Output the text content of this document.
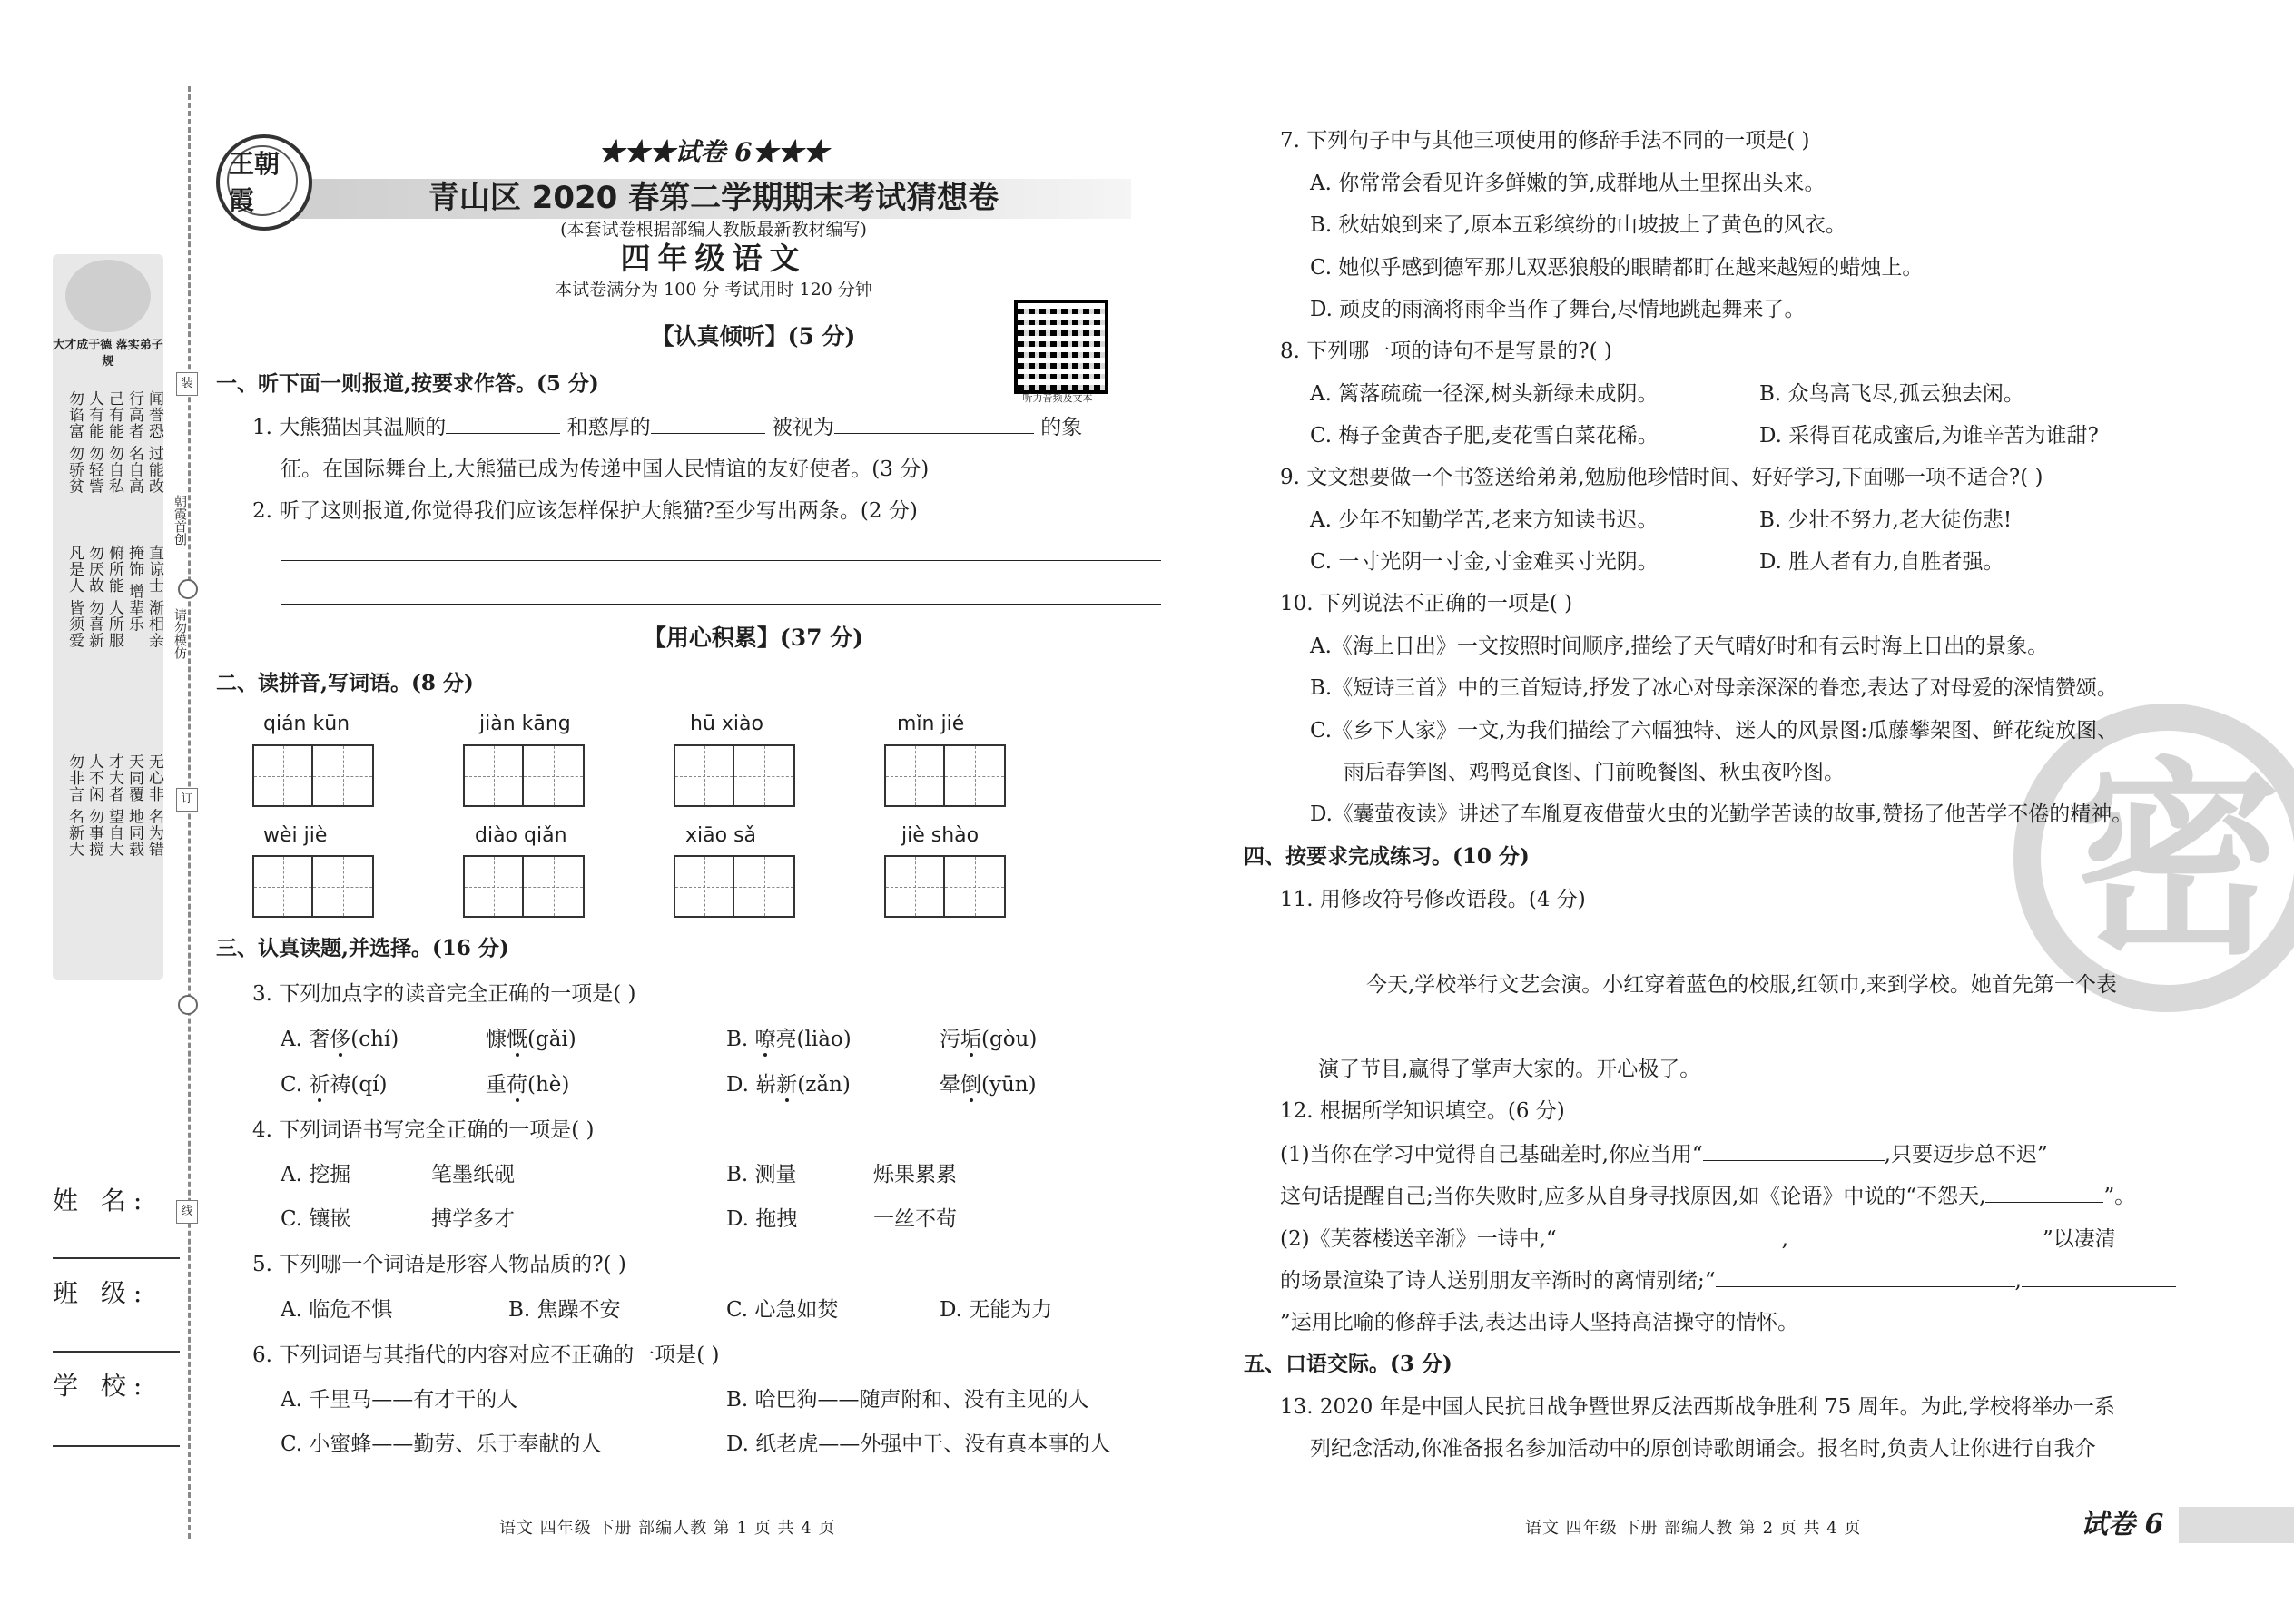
大才成于德 落实弟子规
闻誉恐 过能改
行高者 名自高
己有能 勿自私
人有能 勿轻訾
勿谄富 勿骄贫
直谅士 渐相亲
掩饰 增辈乐
俯所能 人所服
勿厌故 勿喜新
凡是人 皆须爱
无心非 名为错
天同覆 地同载
才大者 望自大
人不闲 勿事搅
勿非言 名新大
装
订
线
朝霞首创
请勿模仿
姓 名:
班 级:
学 校:
王朝霞
★★★试卷 6★★★
青山区 2020 春第二学期期末考试猜想卷
(本套试卷根据部编人教版最新教材编写)
四年级语文
本试卷满分为 100 分 考试用时 120 分钟
听力音频及文本
【认真倾听】(5 分)
一、听下面一则报道,按要求作答。(5 分)
1. 大熊猫因其温顺的	和憨厚的	被视为	的象
征。在国际舞台上,大熊猫已成为传递中国人民情谊的友好使者。(3 分)
2. 听了这则报道,你觉得我们应该怎样保护大熊猫?至少写出两条。(2 分)
【用心积累】(37 分)
二、读拼音,写词语。(8 分)
qián kūn	jiàn kāng	hū xiào	mǐn jié
wèi jiè	diào qiǎn	xiāo sǎ	jiè shào
三、认真读题,并选择。(16 分)
3. 下列加点字的读音完全正确的一项是( )
A. 奢侈(chí)	慷慨(gǎi)	B. 嘹亮(liào)	污垢(gòu)
C. 祈祷(qí)	重荷(hè)	D. 崭新(zǎn)	晕倒(yūn)
4. 下列词语书写完全正确的一项是( )
A. 挖掘	笔墨纸砚	B. 测量	烁果累累
C. 镶嵌	搏学多才	D. 拖拽	一丝不茍
5. 下列哪一个词语是形容人物品质的?( )
A. 临危不惧	B. 焦躁不安	C. 心急如焚	D. 无能为力
6. 下列词语与其指代的内容对应不正确的一项是( )
A. 千里马——有才干的人	B. 哈巴狗——随声附和、没有主见的人
C. 小蜜蜂——勤劳、乐于奉献的人	D. 纸老虎——外强中干、没有真本事的人
语文 四年级 下册 部编人教 第 1 页 共 4 页
密
7. 下列句子中与其他三项使用的修辞手法不同的一项是( )
A. 你常常会看见许多鲜嫩的笋,成群地从土里探出头来。
B. 秋姑娘到来了,原本五彩缤纷的山坡披上了黄色的风衣。
C. 她似乎感到德军那儿双恶狼般的眼睛都盯在越来越短的蜡烛上。
D. 顽皮的雨滴将雨伞当作了舞台,尽情地跳起舞来了。
8. 下列哪一项的诗句不是写景的?( )
A. 篱落疏疏一径深,树头新绿未成阴。	B. 众鸟高飞尽,孤云独去闲。
C. 梅子金黄杏子肥,麦花雪白菜花稀。	D. 采得百花成蜜后,为谁辛苦为谁甜?
9. 文文想要做一个书签送给弟弟,勉励他珍惜时间、好好学习,下面哪一项不适合?( )
A. 少年不知勤学苦,老来方知读书迟。	B. 少壮不努力,老大徒伤悲!
C. 一寸光阴一寸金,寸金难买寸光阴。	D. 胜人者有力,自胜者强。
10. 下列说法不正确的一项是( )
A.《海上日出》一文按照时间顺序,描绘了天气晴好时和有云时海上日出的景象。
B.《短诗三首》中的三首短诗,抒发了冰心对母亲深深的眷恋,表达了对母爱的深情赞颂。
C.《乡下人家》一文,为我们描绘了六幅独特、迷人的风景图:瓜藤攀架图、鲜花绽放图、
雨后春笋图、鸡鸭觅食图、门前晚餐图、秋虫夜吟图。
D.《囊萤夜读》讲述了车胤夏夜借萤火虫的光勤学苦读的故事,赞扬了他苦学不倦的精神。
四、按要求完成练习。(10 分)
11. 用修改符号修改语段。(4 分)
今天,学校举行文艺会演。小红穿着蓝色的校服,红领巾,来到学校。她首先第一个表
演了节目,赢得了掌声大家的。开心极了。
12. 根据所学知识填空。(6 分)
(1)当你在学习中觉得自己基础差时,你应当用“	,只要迈步总不迟”
这句话提醒自己;当你失败时,应多从自身寻找原因,如《论语》中说的“不怨天,	”。
(2)《芙蓉楼送辛渐》一诗中,“	,	”以凄清
的场景渲染了诗人送别朋友辛渐时的离情别绪;“	,
”运用比喻的修辞手法,表达出诗人坚持高洁操守的情怀。
五、口语交际。(3 分)
13. 2020 年是中国人民抗日战争暨世界反法西斯战争胜利 75 周年。为此,学校将举办一系
列纪念活动,你准备报名参加活动中的原创诗歌朗诵会。报名时,负责人让你进行自我介
语文 四年级 下册 部编人教 第 2 页 共 4 页	试卷 6
